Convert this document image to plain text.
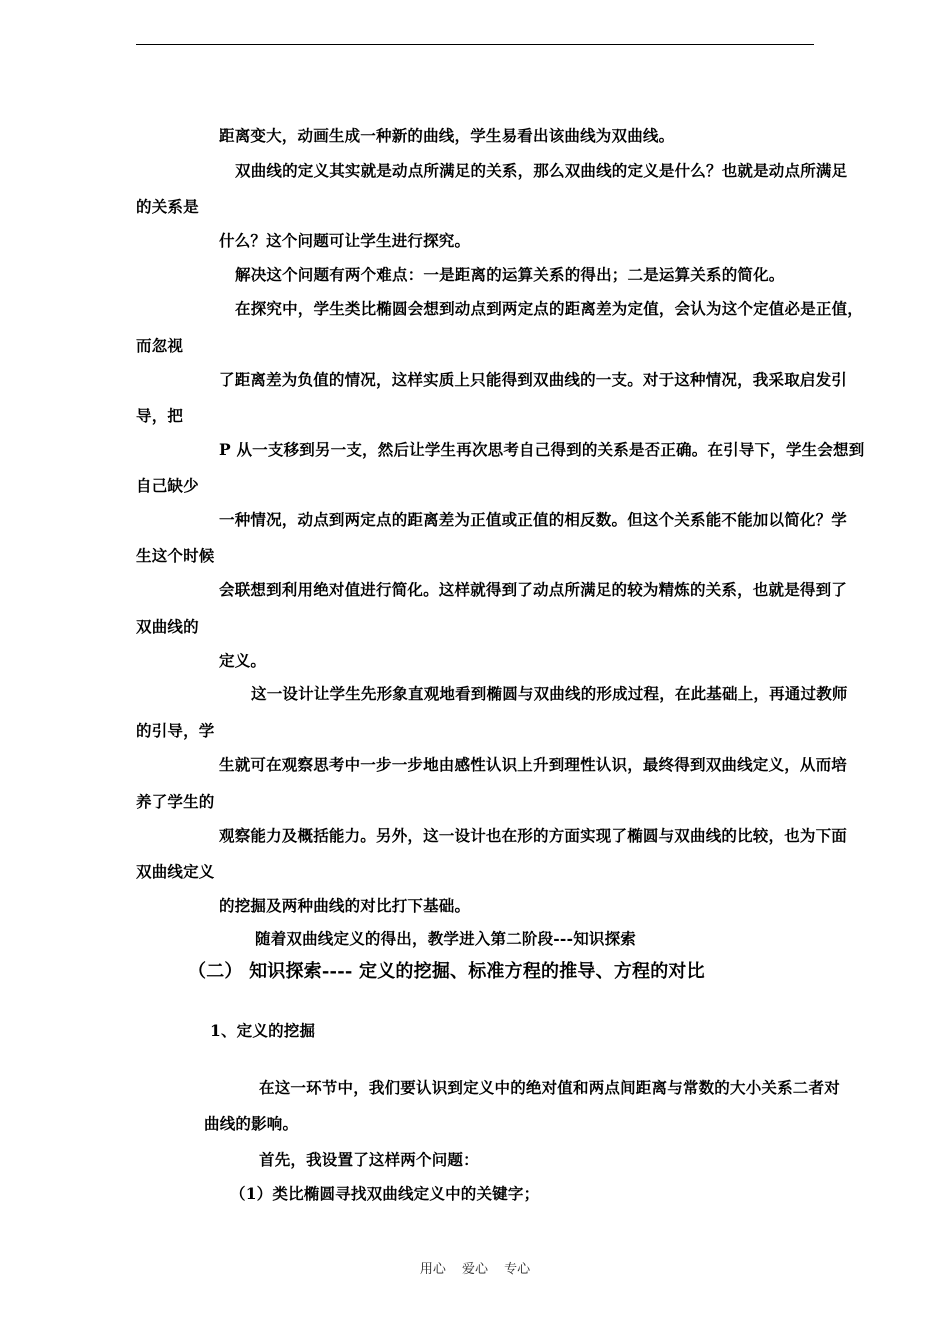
距离变大，动画生成一种新的曲线，学生易看出该曲线为双曲线。
双曲线的定义其实就是动点所满足的关系，那么双曲线的定义是什么？也就是动点所满足
的关系是
什么？这个问题可让学生进行探究。
解决这个问题有两个难点：一是距离的运算关系的得出；二是运算关系的简化。
在探究中，学生类比椭圆会想到动点到两定点的距离差为定值，会认为这个定值必是正值，
而忽视
了距离差为负值的情况，这样实质上只能得到双曲线的一支。对于这种情况，我采取启发引
导，把
P 从一支移到另一支，然后让学生再次思考自己得到的关系是否正确。在引导下，学生会想到
自己缺少
一种情况，动点到两定点的距离差为正值或正值的相反数。但这个关系能不能加以简化？学
生这个时候
会联想到利用绝对值进行简化。这样就得到了动点所满足的较为精炼的关系，也就是得到了
双曲线的
定义。
这一设计让学生先形象直观地看到椭圆与双曲线的形成过程，在此基础上，再通过教师
的引导，学
生就可在观察思考中一步一步地由感性认识上升到理性认识，最终得到双曲线定义，从而培
养了学生的
观察能力及概括能力。另外，这一设计也在形的方面实现了椭圆与双曲线的比较，也为下面
双曲线定义
的挖掘及两种曲线的对比打下基础。
随着双曲线定义的得出，教学进入第二阶段---知识探索
（二） 知识探索---- 定义的挖掘、标准方程的推导、方程的对比
1、定义的挖掘
在这一环节中，我们要认识到定义中的绝对值和两点间距离与常数的大小关系二者对
曲线的影响。
首先，我设置了这样两个问题：
（1）类比椭圆寻找双曲线定义中的关键字；
用心 爱心 专心
